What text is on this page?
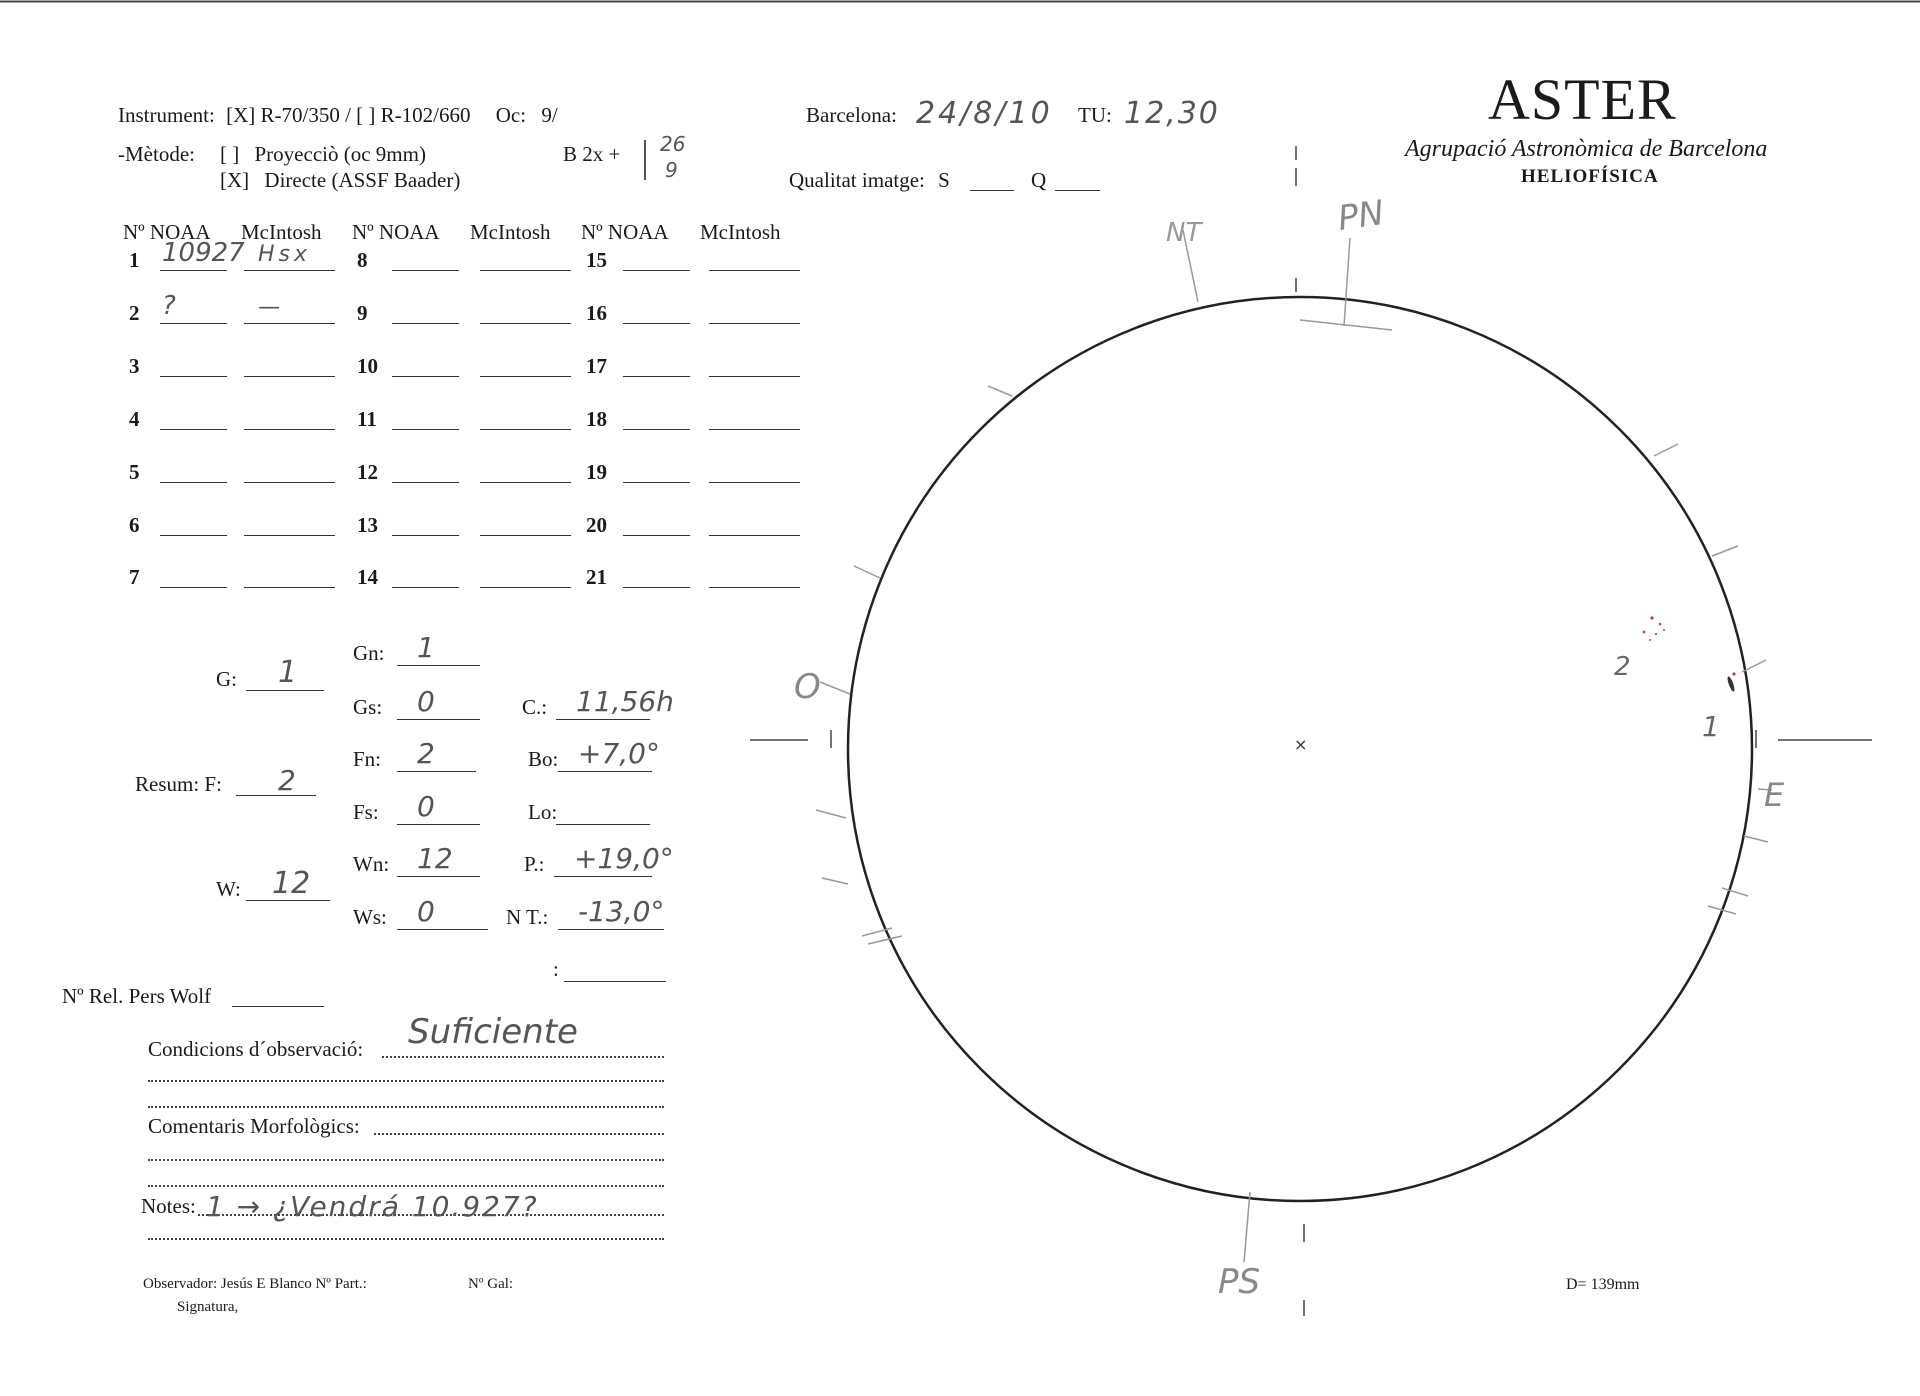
Instrument: [X] R-70/350 / [ ] R-102/660 Oc: 9/
-Mètode: [ ] Proyecciò (oc 9mm)
[X] Directe (ASSF Baader)
B 2x + 26
9
Barcelona: 24/8/10 TU: 12,30
Qualitat imatge: S	Q
ASTER
Agrupació Astronòmica de Barcelona
HELIOFÍSICA
Nº NOAA McIntosh Nº NOAA McIntosh Nº NOAA McIntosh
1 10927 Hsx
2 ?	—
3
4
5
6
7
8
9
10
11
12
13
14
15
16
17
18
19
20
21
G: 1
Resum: F: 2
W: 12
Gn: 1
Gs: 0
Fn: 2
Fs: 0
Wn: 12
Ws: 0
C.: 11,56h
Bo: +7,0°
Lo:
P.: +19,0°
N T.: -13,0°
:
Nº Rel. Pers Wolf
Condicions d´observació: Suficiente
Comentaris Morfològics:
Notes: 1 → ¿Vendrá 10.927?
Observador: Jesús E Blanco Nº Part.:	Nº Gal:
Signatura,
D= 139mm
PN
NT
PS
O
E
1
2
×
